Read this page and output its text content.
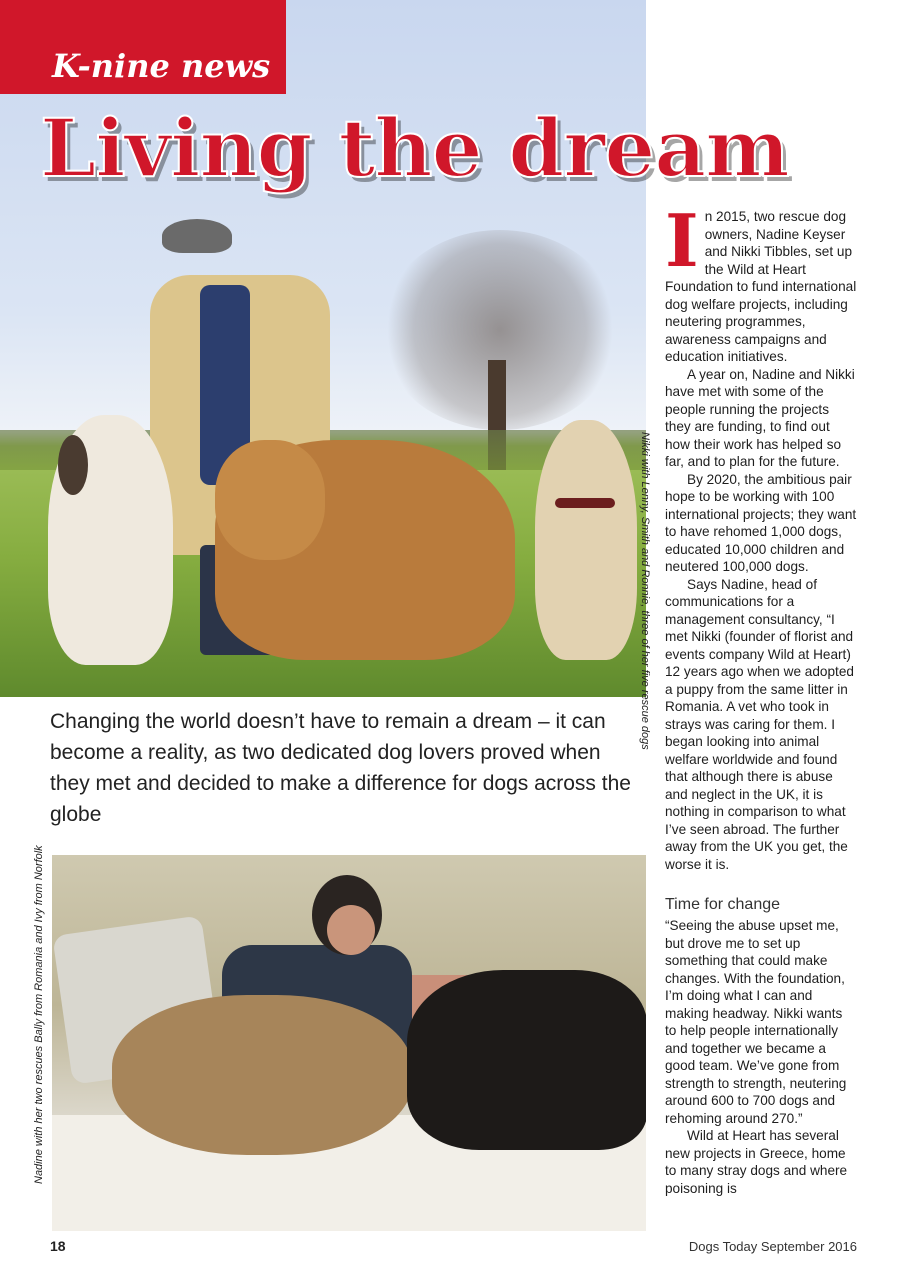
K-nine news
Living the dream
Nikki with Lenny, Smith and Ronnie, three of her five rescue dogs

Changing the world doesn’t have to remain a dream – it can become a reality, as two dedicated dog lovers proved when they met and decided to make a difference for dogs across the globe

Nadine with her two rescues Bally from Romania and Ivy from Norfolk

In 2015, two rescue dog owners, Nadine Keyser and Nikki Tibbles, set up the Wild at Heart Foundation to fund international dog welfare projects, including neutering programmes, awareness campaigns and education initiatives.

A year on, Nadine and Nikki have met with some of the people running the projects they are funding, to find out how their work has helped so far, and to plan for the future.

By 2020, the ambitious pair hope to be working with 100 international projects; they want to have rehomed 1,000 dogs, educated 10,000 children and neutered 100,000 dogs.

Says Nadine, head of communications for a management consultancy, “I met Nikki (founder of florist and events company Wild at Heart) 12 years ago when we adopted a puppy from the same litter in Romania. A vet who took in strays was caring for them. I began looking into animal welfare worldwide and found that although there is abuse and neglect in the UK, it is nothing in comparison to what I’ve seen abroad. The further away from the UK you get, the worse it is.

Time for change

“Seeing the abuse upset me, but drove me to set up something that could make changes. With the foundation, I’m doing what I can and making headway. Nikki wants to help people internationally and together we became a good team. We’ve gone from strength to strength, neutering around 600 to 700 dogs and rehoming around 270.”

Wild at Heart has several new projects in Greece, home to many stray dogs and where poisoning is

18	Dogs Today September 2016
